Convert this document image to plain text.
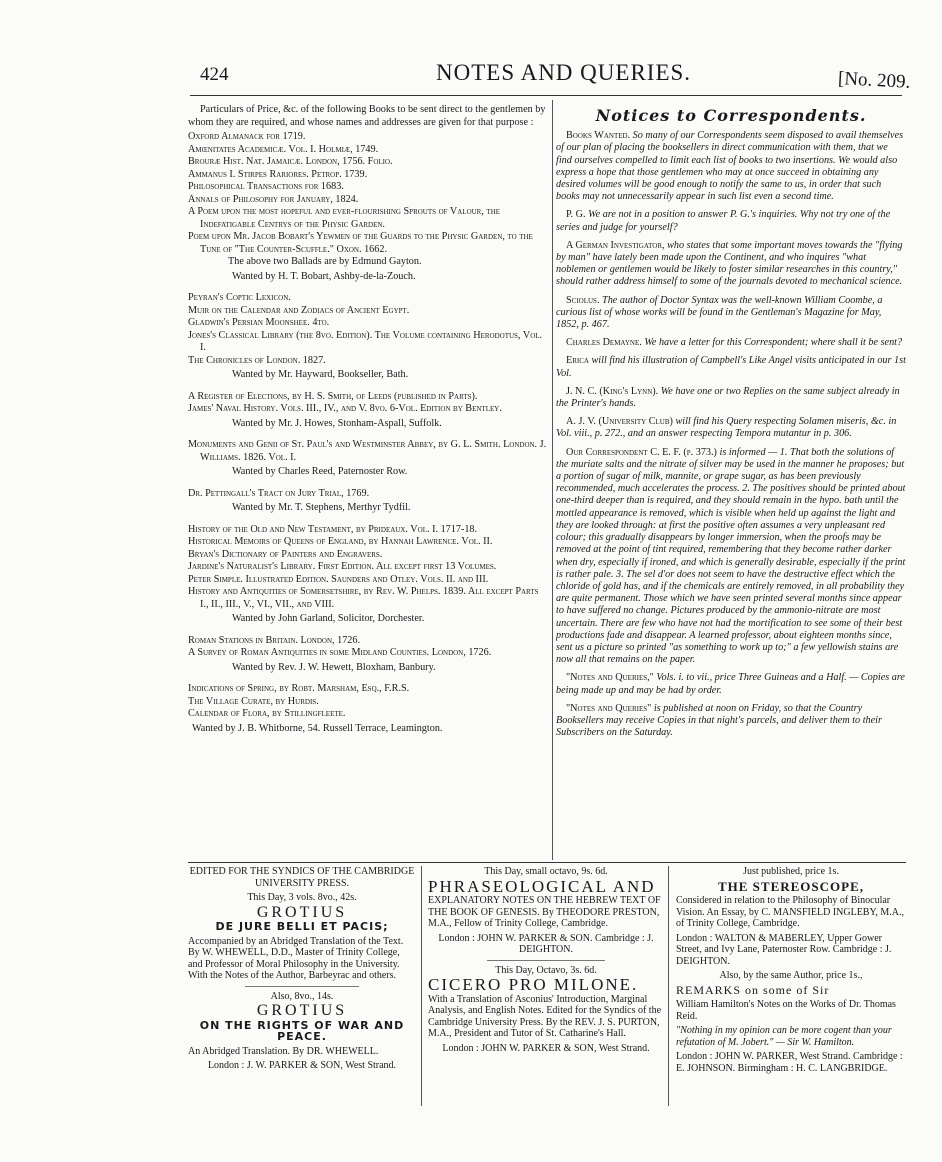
424	NOTES AND QUERIES.	[No. 209.

Particulars of Price, &c. of the following Books to be sent direct to the gentlemen by whom they are required, and whose names and addresses are given for that purpose :

Oxford Almanack for 1719.

Amœnitates Academicæ. Vol. I. Holmiæ, 1749.

Brouræ Hist. Nat. Jamaicæ. London, 1756. Folio.

Ammanus I. Stirpes Rariores. Petrop. 1739.

Philosophical Transactions for 1683.

Annals of Philosophy for January, 1824.

A Poem upon the most hopeful and ever-flourishing Sprouts of Valour, the Indefatigable Centrys of the Physic Garden.

Poem upon Mr. Jacob Bobart's Yewmen of the Guards to the Physic Garden, to the Tune of "The Counter-Scuffle." Oxon. 1662.

The above two Ballads are by Edmund Gayton.

Wanted by H. T. Bobart, Ashby-de-la-Zouch.

Peyran's Coptic Lexicon.

Muir on the Calendar and Zodiacs of Ancient Egypt.

Gladwin's Persian Moonshee. 4to.

Jones's Classical Library (the 8vo. Edition). The Volume containing Herodotus, Vol. I.

The Chronicles of London. 1827.

Wanted by Mr. Hayward, Bookseller, Bath.

A Register of Elections, by H. S. Smith, of Leeds (published in Parts).

James' Naval History. Vols. III., IV., and V. 8vo. 6-Vol. Edition by Bentley.

Wanted by Mr. J. Howes, Stonham-Aspall, Suffolk.

Monuments and Genii of St. Paul's and Westminster Abbey, by G. L. Smith. London. J. Williams. 1826. Vol. I.

Wanted by Charles Reed, Paternoster Row.

Dr. Pettingall's Tract on Jury Trial, 1769.

Wanted by Mr. T. Stephens, Merthyr Tydfil.

History of the Old and New Testament, by Prideaux. Vol. I. 1717-18.

Historical Memoirs of Queens of England, by Hannah Lawrence. Vol. II.

Bryan's Dictionary of Painters and Engravers.

Jardine's Naturalist's Library. First Edition. All except first 13 Volumes.

Peter Simple. Illustrated Edition. Saunders and Otley. Vols. II. and III.

History and Antiquities of Somersetshire, by Rev. W. Phelps. 1839. All except Parts I., II., III., V., VI., VII., and VIII.

Wanted by John Garland, Solicitor, Dorchester.

Roman Stations in Britain. London, 1726.

A Survey of Roman Antiquities in some Midland Counties. London, 1726.

Wanted by Rev. J. W. Hewett, Bloxham, Banbury.

Indications of Spring, by Robt. Marsham, Esq., F.R.S.

The Village Curate, by Hurdis.

Calendar of Flora, by Stillingfleete.

Wanted by J. B. Whitborne, 54. Russell Terrace, Leamington.

Notices to Correspondents.

Books Wanted. So many of our Correspondents seem disposed to avail themselves of our plan of placing the booksellers in direct communication with them, that we find ourselves compelled to limit each list of books to two insertions. We would also express a hope that those gentlemen who may at once succeed in obtaining any desired volumes will be good enough to notify the same to us, in order that such books may not unnecessarily appear in such list even a second time.

P. G. We are not in a position to answer P. G.'s inquiries. Why not try one of the series and judge for yourself?

A German Investigator, who states that some important moves towards the "flying by man" have lately been made upon the Continent, and who inquires "what noblemen or gentlemen would be likely to foster similar researches in this country," should rather address himself to some of the journals devoted to mechanical science.

Sciolus. The author of Doctor Syntax was the well-known William Coombe, a curious list of whose works will be found in the Gentleman's Magazine for May, 1852, p. 467.

Charles Demayne. We have a letter for this Correspondent; where shall it be sent?

Erica will find his illustration of Campbell's Like Angel visits anticipated in our 1st Vol.

J. N. C. (King's Lynn). We have one or two Replies on the same subject already in the Printer's hands.

A. J. V. (University Club) will find his Query respecting Solamen miseris, &c. in Vol. viii., p. 272., and an answer respecting Tempora mutantur in p. 306.

Our Correspondent C. E. F. (p. 373.) is informed — 1. That both the solutions of the muriate salts and the nitrate of silver may be used in the manner he proposes; but a portion of sugar of milk, mannite, or grape sugar, as has been previously recommended, much accelerates the process. 2. The positives should be printed about one-third deeper than is required, and they should remain in the hypo. bath until the mottled appearance is removed, which is visible when held up against the light and they are looked through: at first the positive often assumes a very unpleasant red colour; this gradually disappears by longer immersion, when the proofs may be removed at the point of tint required, remembering that they become rather darker when dry, especially if ironed, and which is generally desirable, especially if the print is rather pale. 3. The sel d'or does not seem to have the destructive effect which the chloride of gold has, and if the chemicals are entirely removed, in all probability they are quite permanent. Those which we have seen printed several months since appear to have suffered no change. Pictures produced by the ammonio-nitrate are most uncertain. There are few who have not had the mortification to see some of their best productions fade and disappear. A learned professor, about eighteen months since, sent us a picture so printed "as something to work up to;" a few yellowish stains are now all that remains on the paper.

"Notes and Queries," Vols. i. to vii., price Three Guineas and a Half. — Copies are being made up and may be had by order.

"Notes and Queries" is published at noon on Friday, so that the Country Booksellers may receive Copies in that night's parcels, and deliver them to their Subscribers on the Saturday.

EDITED FOR THE SYNDICS OF THE CAMBRIDGE UNIVERSITY PRESS.

This Day, 3 vols. 8vo., 42s.

GROTIUS

DE JURE BELLI ET PACIS;

Accompanied by an Abridged Translation of the Text. By W. WHEWELL, D.D., Master of Trinity College, and Professor of Moral Philosophy in the University. With the Notes of the Author, Barbeyrac and others.

Also, 8vo., 14s.

GROTIUS

ON THE RIGHTS OF WAR AND PEACE.

An Abridged Translation. By DR. WHEWELL.

London : J. W. PARKER & SON, West Strand.

This Day, small octavo, 9s. 6d.

PHRASEOLOGICAL AND

EXPLANATORY NOTES ON THE HEBREW TEXT OF THE BOOK OF GENESIS. By THEODORE PRESTON, M.A., Fellow of Trinity College, Cambridge.

London : JOHN W. PARKER & SON. Cambridge : J. DEIGHTON.

This Day, Octavo, 3s. 6d.

CICERO PRO MILONE.

With a Translation of Asconius' Introduction, Marginal Analysis, and English Notes. Edited for the Syndics of the Cambridge University Press. By the REV. J. S. PURTON, M.A., President and Tutor of St. Catharine's Hall.

London : JOHN W. PARKER & SON, West Strand.

Just published, price 1s.

THE STEREOSCOPE,

Considered in relation to the Philosophy of Binocular Vision. An Essay, by C. MANSFIELD INGLEBY, M.A., of Trinity College, Cambridge.

London : WALTON & MABERLEY, Upper Gower Street, and Ivy Lane, Paternoster Row. Cambridge : J. DEIGHTON.

Also, by the same Author, price 1s.,

REMARKS on some of Sir

William Hamilton's Notes on the Works of Dr. Thomas Reid.

"Nothing in my opinion can be more cogent than your refutation of M. Jobert." — Sir W. Hamilton.

London : JOHN W. PARKER, West Strand. Cambridge : E. JOHNSON. Birmingham : H. C. LANGBRIDGE.
